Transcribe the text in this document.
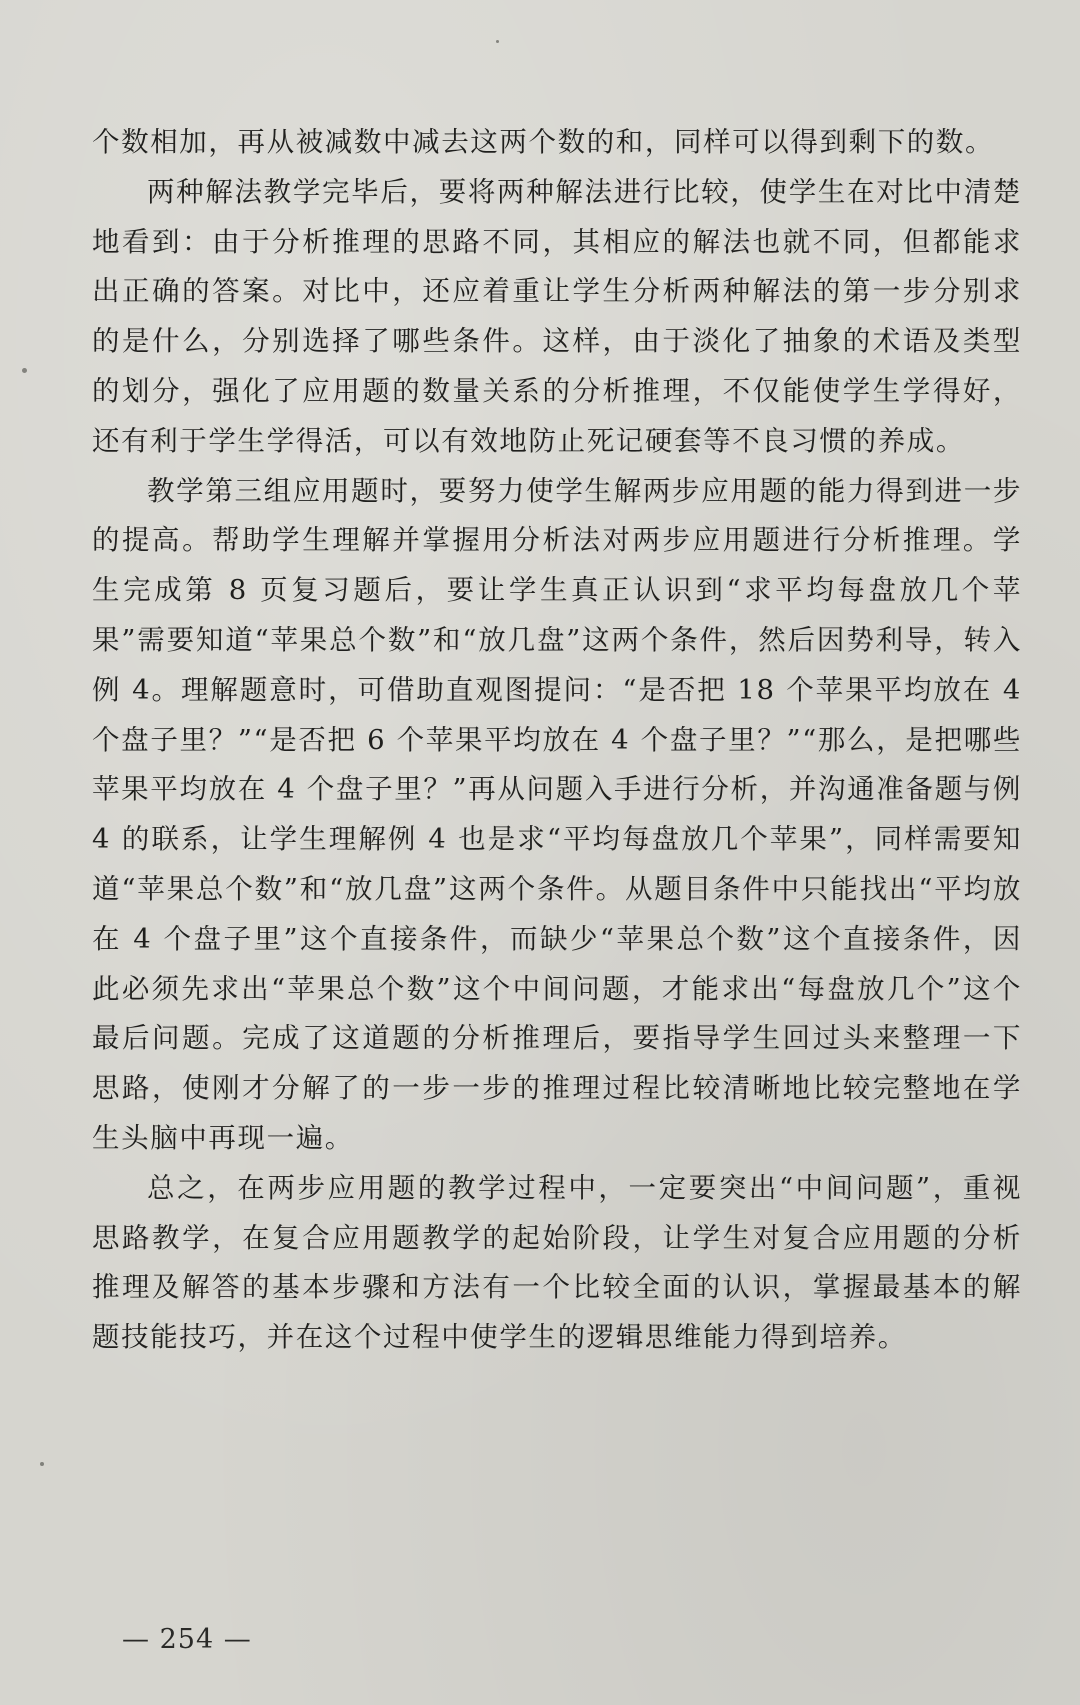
个数相加，再从被减数中减去这两个数的和，同样可以得到剩下的数。

两种解法教学完毕后，要将两种解法进行比较，使学生在对比中清楚地看到：由于分析推理的思路不同，其相应的解法也就不同，但都能求出正确的答案。对比中，还应着重让学生分析两种解法的第一步分别求的是什么，分别选择了哪些条件。这样，由于淡化了抽象的术语及类型的划分，强化了应用题的数量关系的分析推理，不仅能使学生学得好，还有利于学生学得活，可以有效地防止死记硬套等不良习惯的养成。

教学第三组应用题时，要努力使学生解两步应用题的能力得到进一步的提高。帮助学生理解并掌握用分析法对两步应用题进行分析推理。学生完成第 8 页复习题后，要让学生真正认识到“求平均每盘放几个苹果”需要知道“苹果总个数”和“放几盘”这两个条件，然后因势利导，转入例 4。理解题意时，可借助直观图提问：“是否把 18 个苹果平均放在 4 个盘子里？”“是否把 6 个苹果平均放在 4 个盘子里？”“那么，是把哪些苹果平均放在 4 个盘子里？”再从问题入手进行分析，并沟通准备题与例 4 的联系，让学生理解例 4 也是求“平均每盘放几个苹果”，同样需要知道“苹果总个数”和“放几盘”这两个条件。从题目条件中只能找出“平均放在 4 个盘子里”这个直接条件，而缺少“苹果总个数”这个直接条件，因此必须先求出“苹果总个数”这个中间问题，才能求出“每盘放几个”这个最后问题。完成了这道题的分析推理后，要指导学生回过头来整理一下思路，使刚才分解了的一步一步的推理过程比较清晰地比较完整地在学生头脑中再现一遍。

总之，在两步应用题的教学过程中，一定要突出“中间问题”，重视思路教学，在复合应用题教学的起始阶段，让学生对复合应用题的分析推理及解答的基本步骤和方法有一个比较全面的认识，掌握最基本的解题技能技巧，并在这个过程中使学生的逻辑思维能力得到培养。

— 254 —
